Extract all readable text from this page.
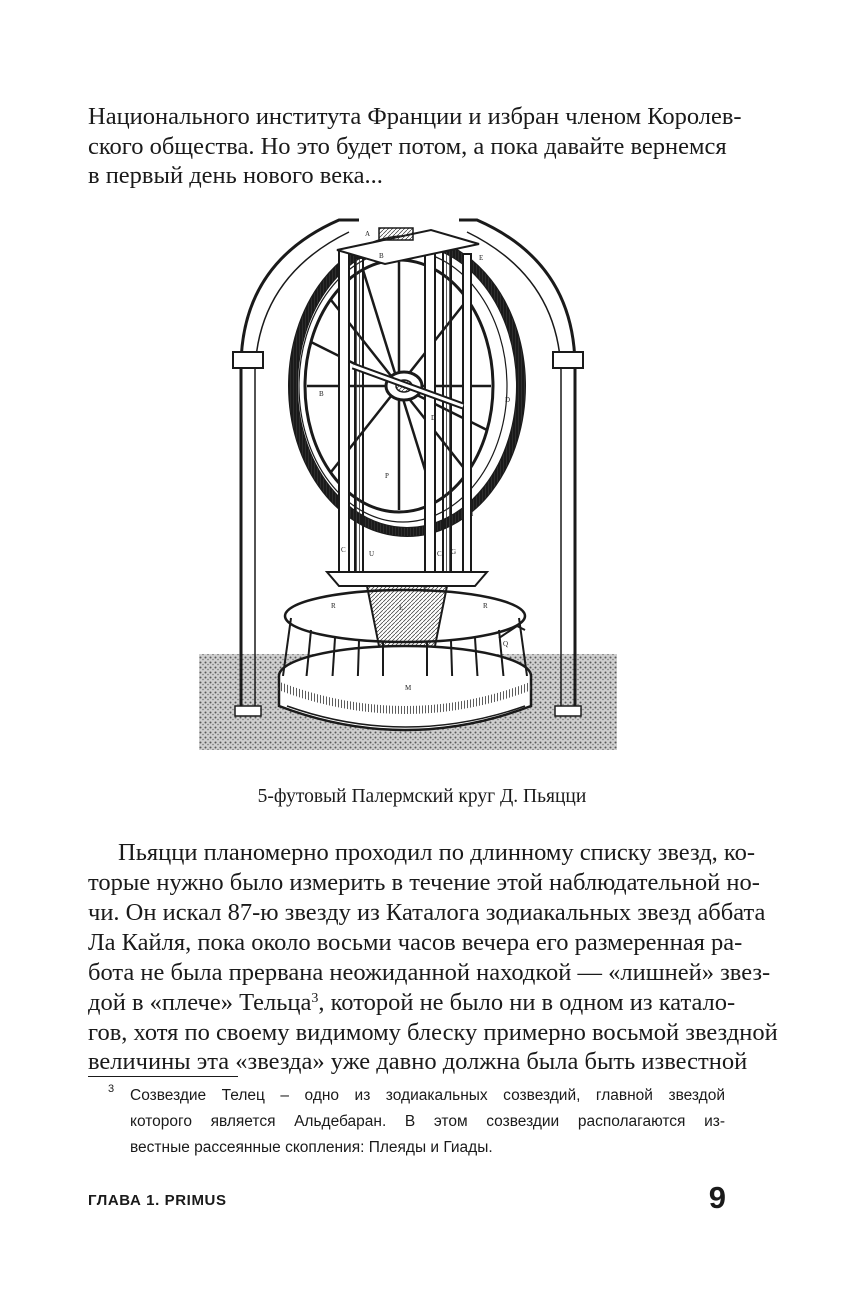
Национального института Франции и избран членом Королев-
ского общества. Но это будет потом, а пока давайте вернемся
в первый день нового века...
A
B
B
D
E
C	C
P
U	G
I
D
R	R
L
M
Q
K
5-футовый Палермский круг Д. Пьяцци
Пьяцци планомерно проходил по длинному списку звезд, ко-
торые нужно было измерить в течение этой наблюдательной но-
чи. Он искал 87-ю звезду из Каталога зодиакальных звезд аббата
Ла Кайля, пока около восьми часов вечера его размеренная ра-
бота не была прервана неожиданной находкой — «лишней» звез-
дой в «плече» Тельца$^3$ , которой не было ни в одном из катало-
гов, хотя по своему видимому блеску примерно восьмой звездной
величины эта «звезда» уже давно должна была быть известной
3 Созвездие Телец – одно из зодиакальных созвездий, главной звездой
которого является Альдебаран. В этом созвездии располагаются из-
вестные рассеянные скопления: Плеяды и Гиады.
ГЛАВА 1. PRIMUS	9
